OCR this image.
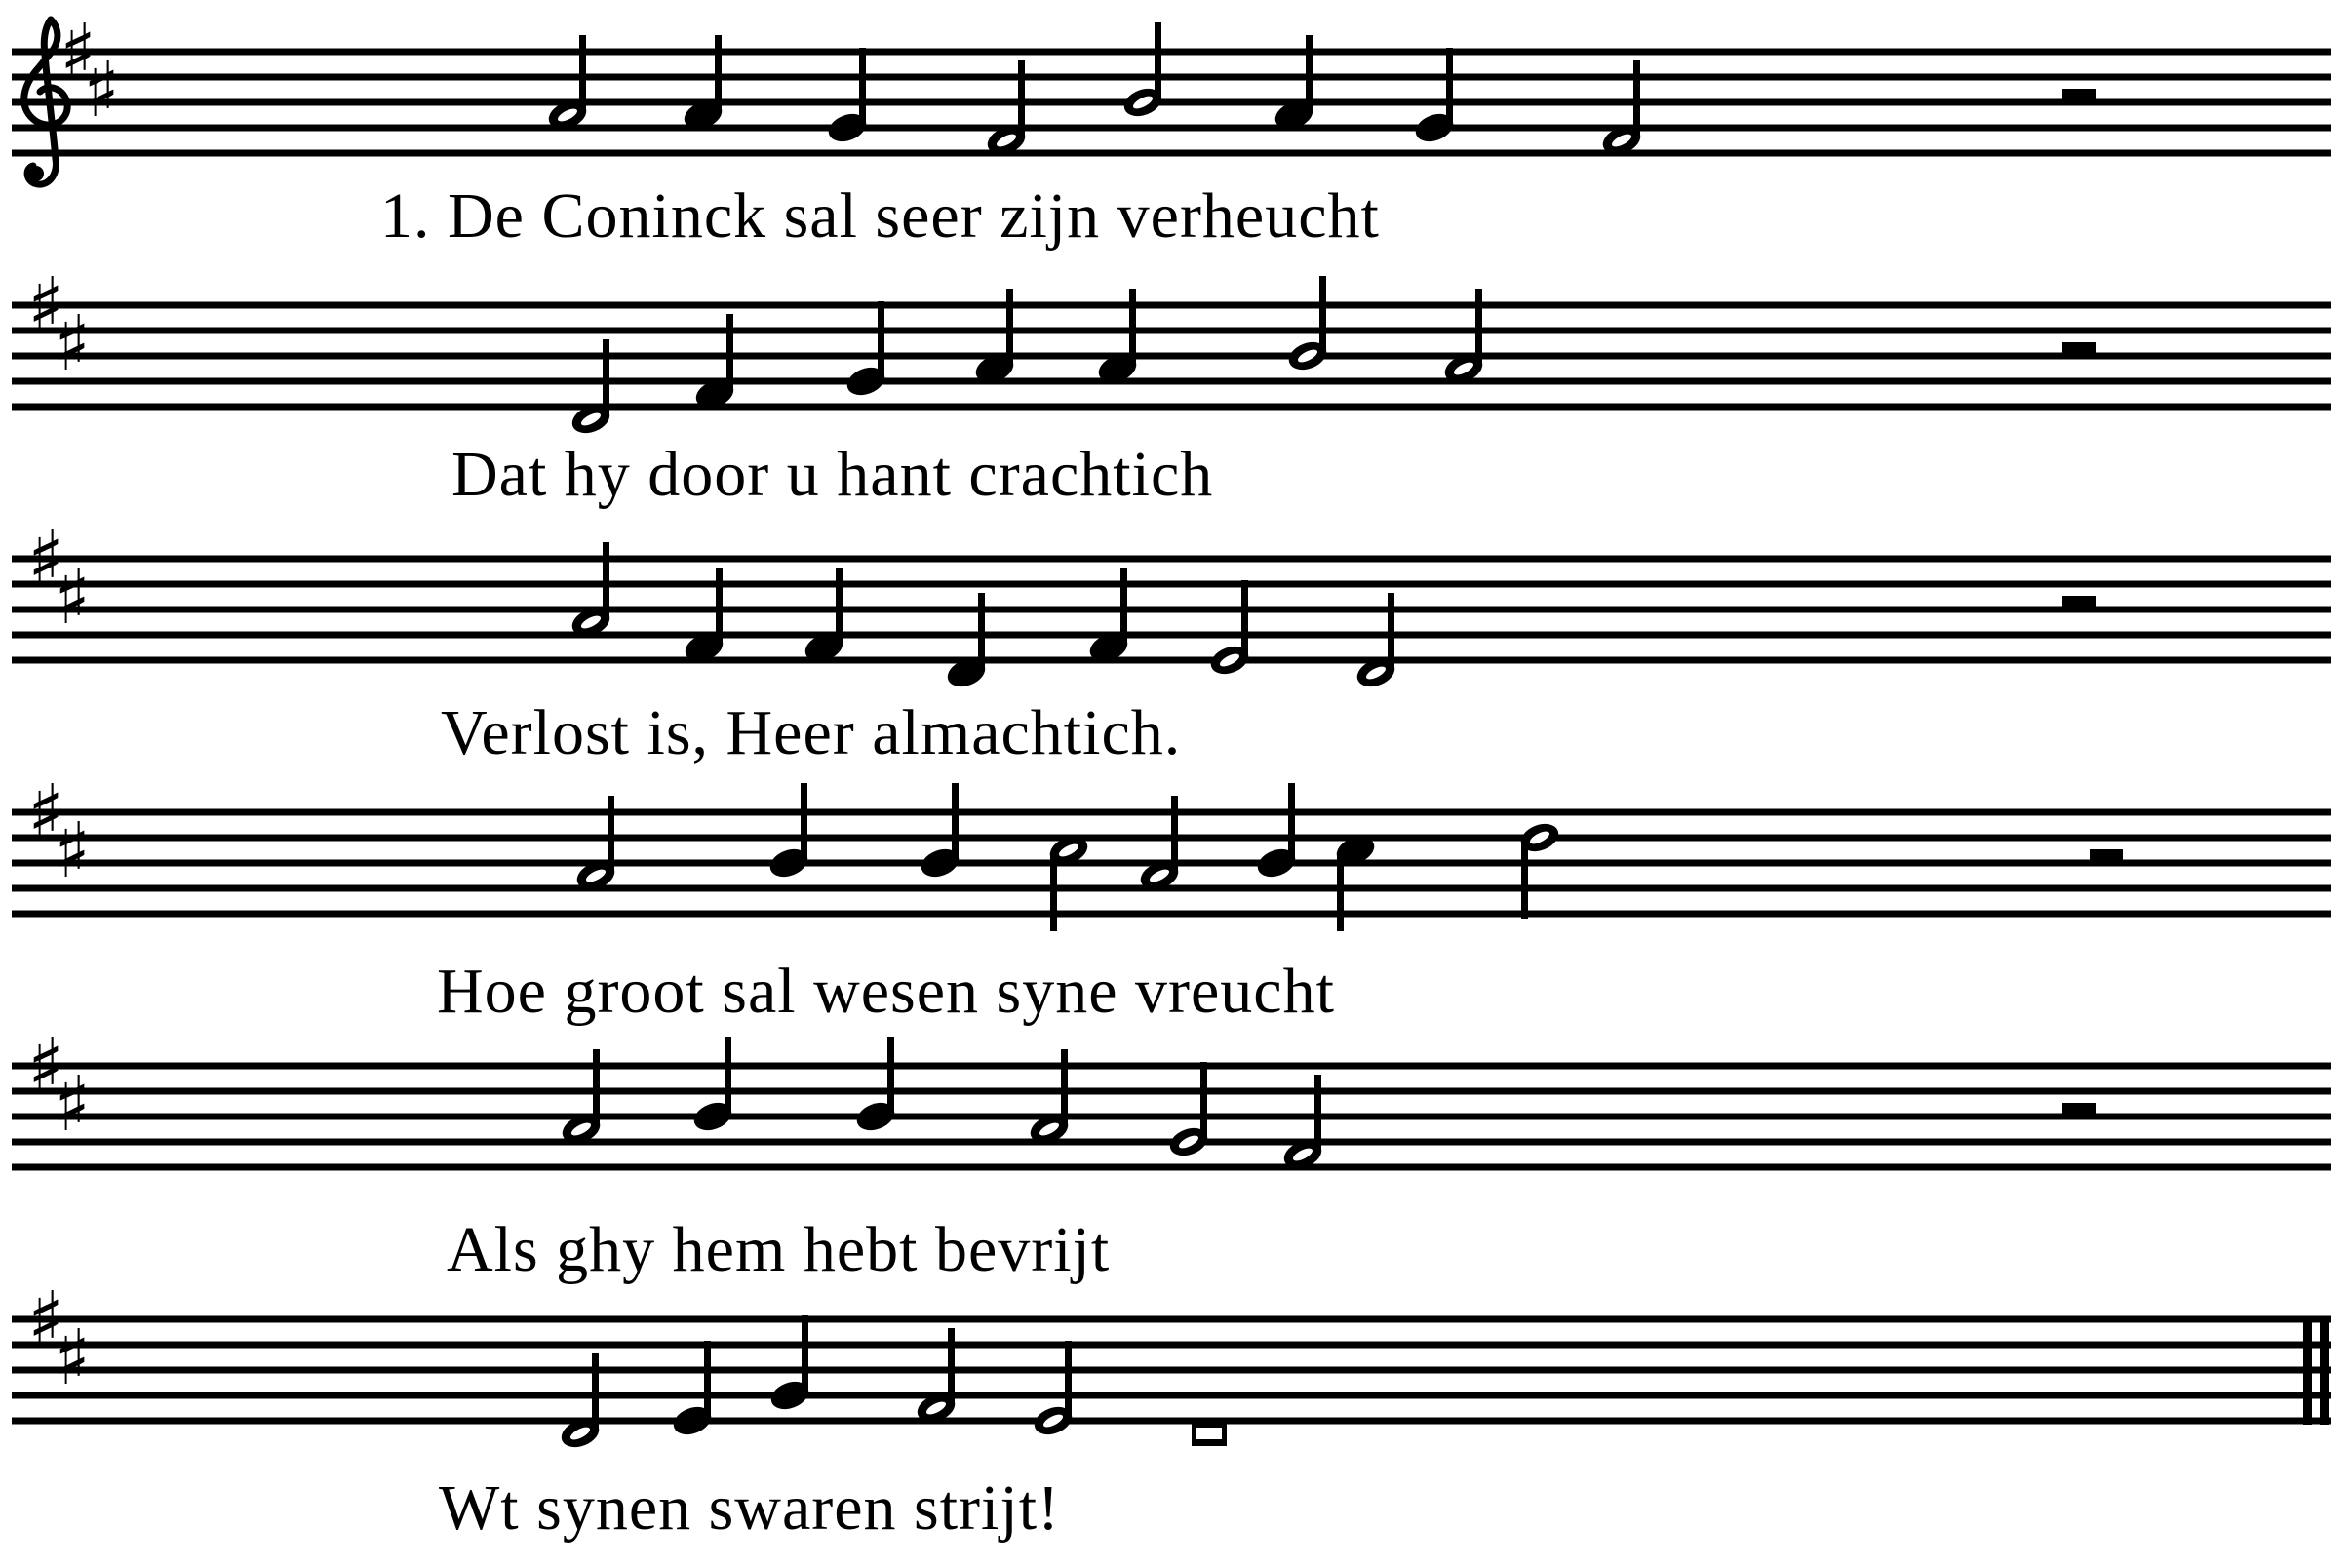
♯
♯
♯
♯
♯
♯
♯
♯
♯
♯
♯
♯
1. De Coninck sal seer zijn verheucht
Dat hy door u hant crachtich
Verlost is, Heer almachtich.
Hoe groot sal wesen syne vreucht
Als ghy hem hebt bevrijt
Wt synen swaren strijt!
